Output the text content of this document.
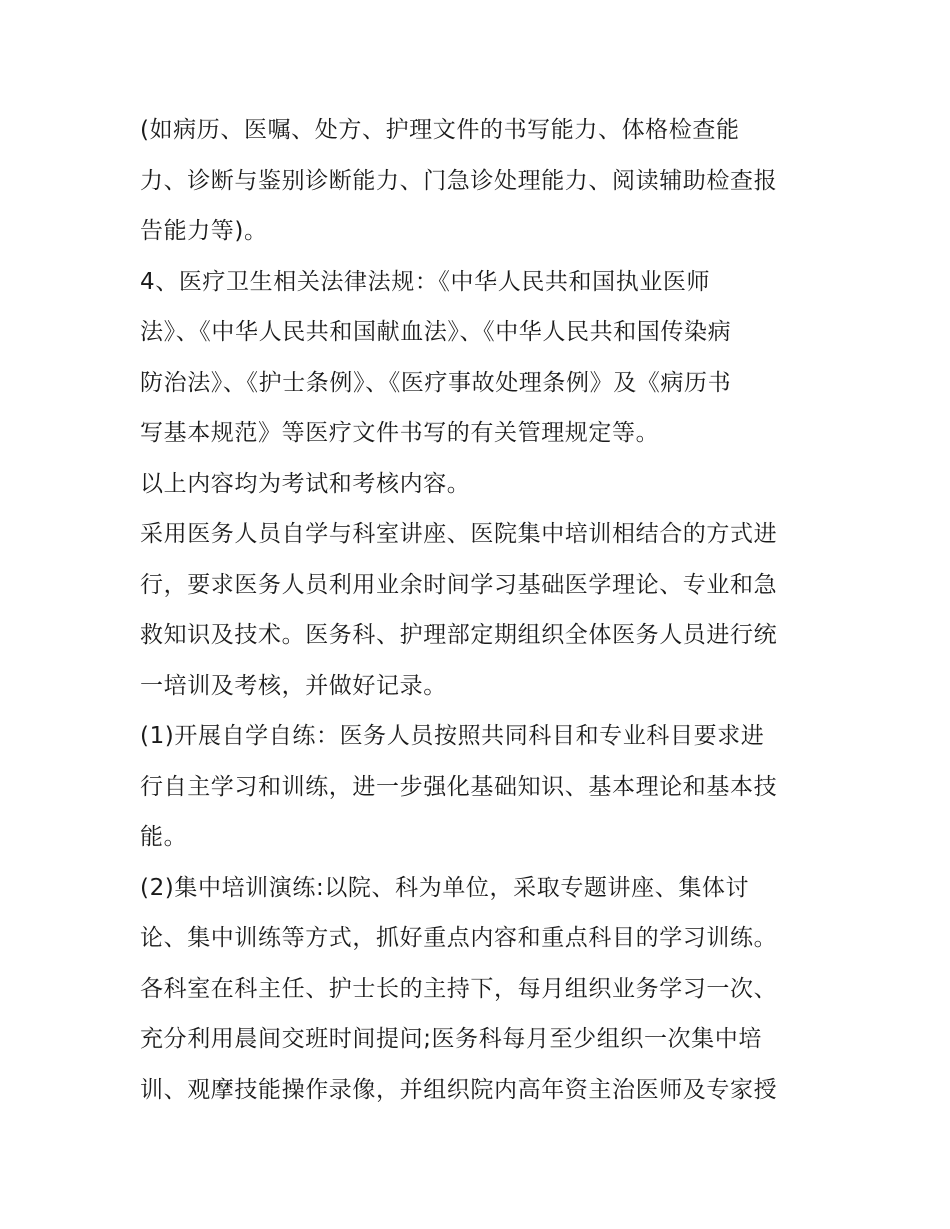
(如病历、医嘱、处方、护理文件的书写能力、体格检查能
力、诊断与鉴别诊断能力、门急诊处理能力、阅读辅助检查报
告能力等)。
4、医疗卫生相关法律法规：《中华人民共和国执业医师
法》、《中华人民共和国献血法》、《中华人民共和国传染病
防治法》、《护士条例》、《医疗事故处理条例》及《病历书
写基本规范》等医疗文件书写的有关管理规定等。
以上内容均为考试和考核内容。
采用医务人员自学与科室讲座、医院集中培训相结合的方式进
行，要求医务人员利用业余时间学习基础医学理论、专业和急
救知识及技术。医务科、护理部定期组织全体医务人员进行统
一培训及考核，并做好记录。
(1)开展自学自练：医务人员按照共同科目和专业科目要求进
行自主学习和训练，进一步强化基础知识、基本理论和基本技
能。
(2)集中培训演练:以院、科为单位，采取专题讲座、集体讨
论、集中训练等方式，抓好重点内容和重点科目的学习训练。
各科室在科主任、护士长的主持下，每月组织业务学习一次、
充分利用晨间交班时间提问;医务科每月至少组织一次集中培
训、观摩技能操作录像，并组织院内高年资主治医师及专家授
